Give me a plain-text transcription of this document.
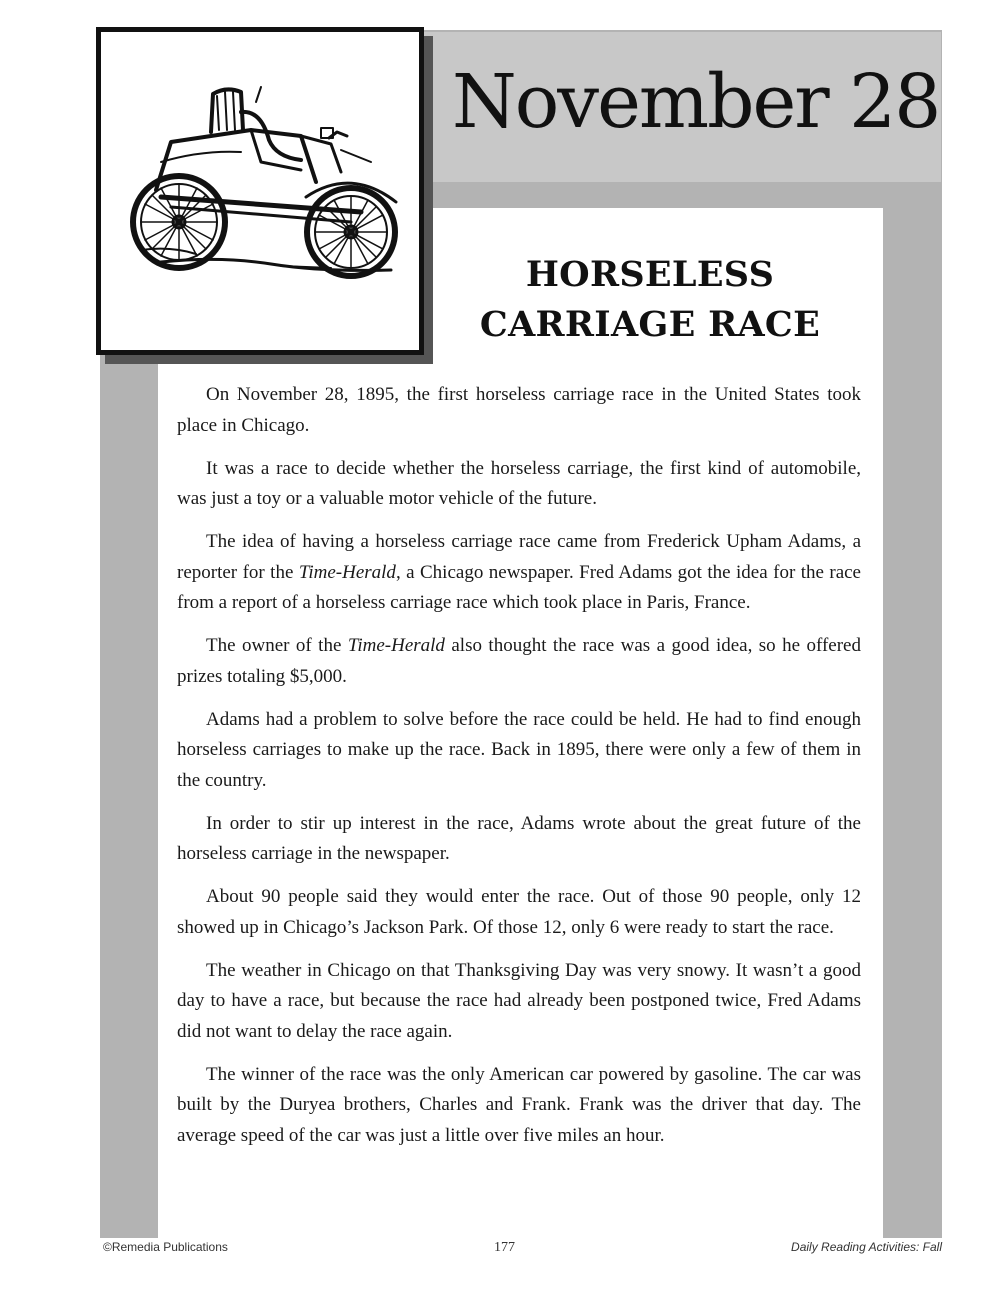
November 28
HORSELESS
CARRIAGE RACE

On November 28, 1895, the first horseless carriage race in the United States took place in Chicago.

It was a race to decide whether the horseless carriage, the first kind of automobile, was just a toy or a valuable motor vehicle of the future.

The idea of having a horseless carriage race came from Frederick Upham Adams, a reporter for the Time-Herald, a Chicago newspaper. Fred Adams got the idea for the race from a report of a horseless carriage race which took place in Paris, France.

The owner of the Time-Herald also thought the race was a good idea, so he offered prizes totaling $5,000.

Adams had a problem to solve before the race could be held. He had to find enough horseless carriages to make up the race. Back in 1895, there were only a few of them in the country.

In order to stir up interest in the race, Adams wrote about the great future of the horseless carriage in the newspaper.

About 90 people said they would enter the race. Out of those 90 people, only 12 showed up in Chicago’s Jackson Park. Of those 12, only 6 were ready to start the race.

The weather in Chicago on that Thanksgiving Day was very snowy. It wasn’t a good day to have a race, but because the race had already been postponed twice, Fred Adams did not want to delay the race again.

The winner of the race was the only American car powered by gasoline. The car was built by the Duryea brothers, Charles and Frank. Frank was the driver that day. The average speed of the car was just a little over five miles an hour.

©Remedia Publications	177	Daily Reading Activities: Fall
